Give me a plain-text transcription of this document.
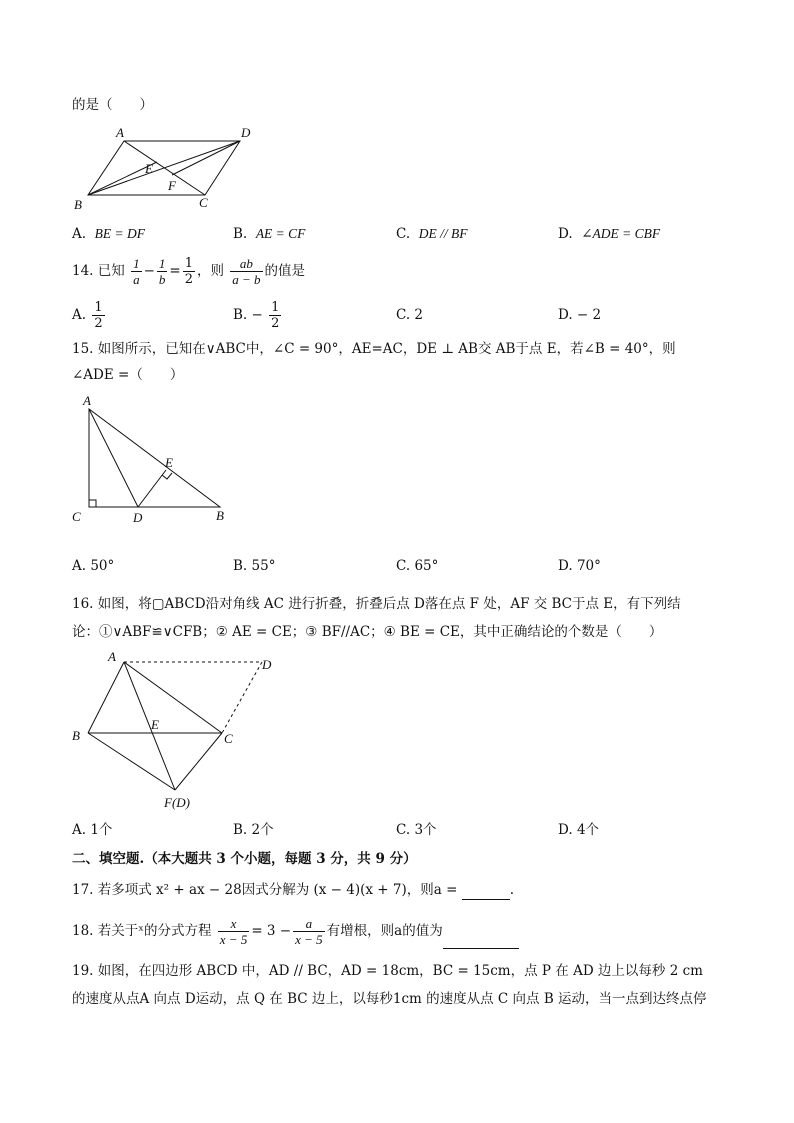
的是（　　）
A	D
E
F
B	C
A. BE = DF	B. AE = CF	C. DE // BF	D. ∠ADE = CBF
14. 已知 $\frac{1}{a} - \frac{1}{b} = \frac{1}{2}$ ，则 $\frac{ab}{a - b}$ 的值是
A. $\frac{1}{2}$	B. − $\frac{1}{2}$	C. 2	D. − 2
15. 如图所示，已知在∨ABC中，∠C = 90°，AE=AC，DE ⊥ AB交 AB于点 E，若∠B = 40°，则
∠ADE =（　　）
A
E
C	D	B
A. 50°	B. 55°	C. 65°	D. 70°
16. 如图，将▢ABCD沿对角线 AC 进行折叠，折叠后点 D落在点 F 处，AF 交 BC于点 E，有下列结
论：①∨ABF≌∨CFB；② AE = CE；③ BF//AC；④ BE = CE，其中正确结论的个数是（　　）
A
D
B
E
C
F(D)
A. 1个	B. 2个	C. 3个	D. 4个
二、填空题.（本大题共 3 个小题，每题 3 分，共 9 分）
17. 若多项式 x² + ax − 28因式分解为 (x − 4)(x + 7)，则a =	.
18. 若关于ˣ的分式方程 $\frac{x}{x - 5} = 3 - \frac{a}{x - 5}$ 有增根，则a的值为
19. 如图，在四边形 ABCD 中，AD // BC，AD = 18cm，BC = 15cm，点 P 在 AD 边上以每秒 2 cm
的速度从点A 向点 D运动，点 Q 在 BC 边上，以每秒1cm 的速度从点 C 向点 B 运动，当一点到达终点停
